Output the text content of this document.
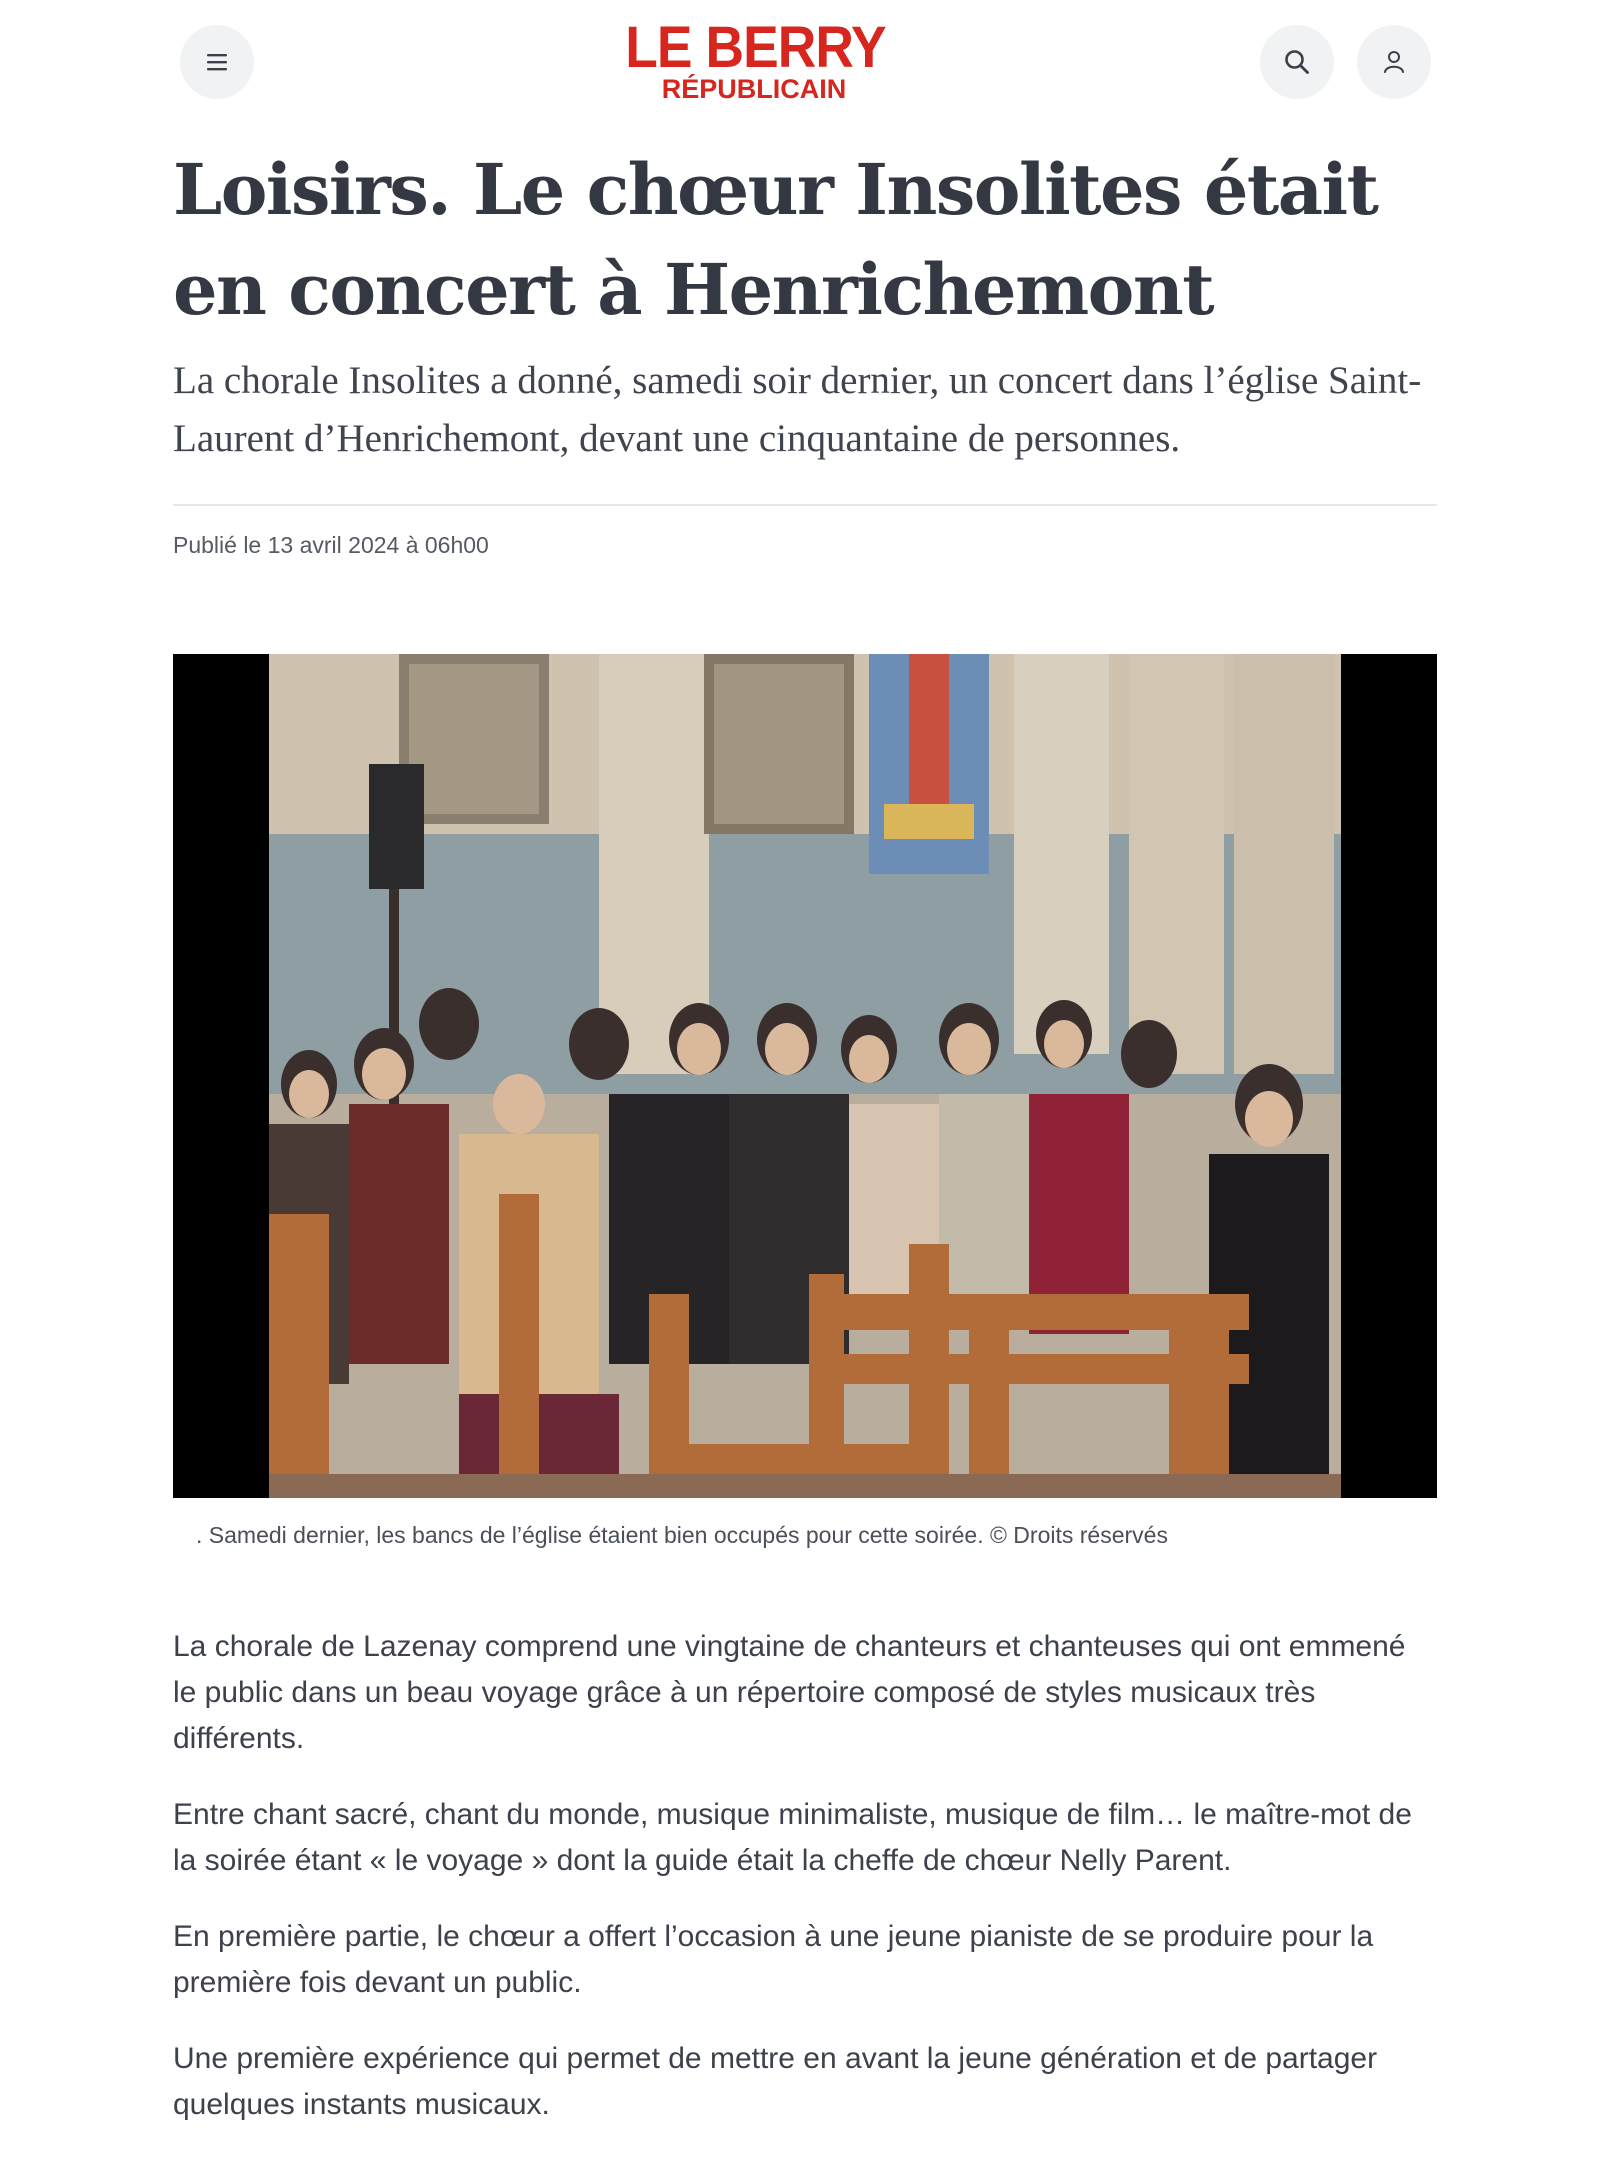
LE BERRY
RÉPUBLICAIN
Loisirs. Le chœur Insolites était en concert à Henrichemont

La chorale Insolites a donné, samedi soir dernier, un concert dans l’église Saint-Laurent d’Henrichemont, devant une cinquantaine de personnes.

Publié le 13 avril 2024 à 06h00

. Samedi dernier, les bancs de l’église étaient bien occupés pour cette soirée. © Droits réservés

La chorale de Lazenay comprend une vingtaine de chanteurs et chanteuses qui ont emmené le public dans un beau voyage grâce à un répertoire composé de styles musicaux très différents.

Entre chant sacré, chant du monde, musique minimaliste, musique de film… le maître-mot de la soirée étant « le voyage » dont la guide était la cheffe de chœur Nelly Parent.

En première partie, le chœur a offert l’occasion à une jeune pianiste de se produire pour la première fois devant un public.

Une première expérience qui permet de mettre en avant la jeune génération et de partager quelques instants musicaux.
